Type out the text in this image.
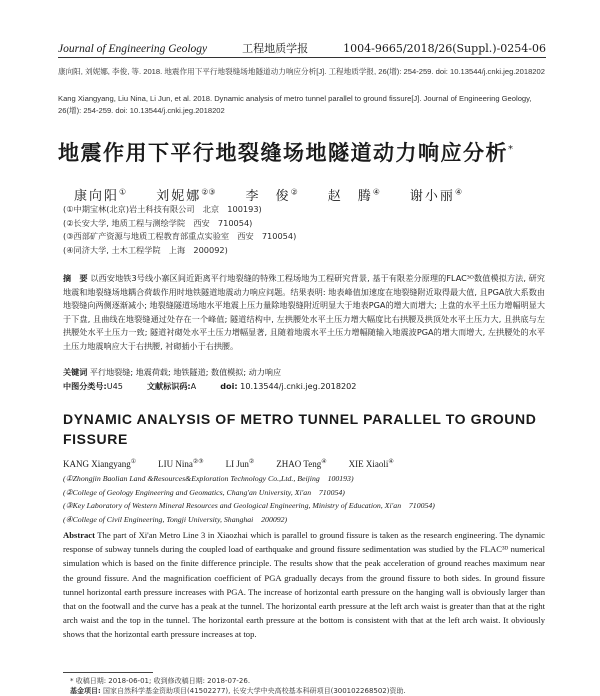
Journal of Engineering Geology	工程地质学报	1004-9665/2018/26(Suppl.)-0254-06
康向阳, 刘妮娜, 李俊, 等. 2018. 地震作用下平行地裂缝场地隧道动力响应分析[J]. 工程地质学报, 26(增): 254-259. doi: 10.13544/j.cnki.jeg.2018202
Kang Xiangyang, Liu Nina, Li Jun, et al. 2018. Dynamic analysis of metro tunnel parallel to ground fissure[J]. Journal of Engineering Geology, 26(增): 254-259. doi: 10.13544/j.cnki.jeg.2018202
地震作用下平行地裂缝场地隧道动力响应分析*
康向阳① 刘妮娜②③ 李　俊② 赵　腾④ 谢小丽④
(①中期宝林(北京)岩土科技有限公司　北京　100193)
(②长安大学, 地质工程与测绘学院　西安　710054)
(③西部矿产资源与地质工程教育部重点实验室　西安　710054)
(④同济大学, 土木工程学院　上海　200092)
摘　要 以西安地铁3号线小寨区间近距离平行地裂缝的特殊工程场地为工程研究背景, 基于有限差分原理的FLAC³ᴰ数值模拟方法, 研究地震和地裂缝场地耦合荷载作用时地铁隧道地震动力响应问题。结果表明: 地表峰值加速度在地裂缝附近取得最大值, 且PGA放大系数由地裂缝向两侧逐渐减小; 地裂缝隧道场地水平地震上压力量除地裂缝附近明显大于地表PGA的增大而增大; 上盘的水平土压力增幅明显大于下盘, 且曲线在地裂缝通过处存在一个峰值; 隧道结构中, 左拱腰处水平土压力增大幅度比右拱腰及拱顶处水平土压力大, 且拱底与左拱腰处水平土压力一致; 隧道衬砌处水平土压力增幅显著, 且随着地震水平土压力增幅随输入地震波PGA的增大而增大, 左拱腰处的水平土压力地震响应大于右拱腰, 衬砌插小于右拱腰。
关键词 平行地裂缝; 地震荷载; 地铁隧道; 数值模拟; 动力响应
中图分类号:U45	文献标识码:A	doi: 10.13544/j.cnki.jeg.2018202
DYNAMIC ANALYSIS OF METRO TUNNEL PARALLEL TO GROUND FISSURE
KANG Xiangyang① LIU Nina②③ LI Jun② ZHAO Teng④ XIE Xiaoli④
(①Zhongjin Baolian Land &Resources&Exploration Technology Co.,Ltd., Beijing　100193)
(②College of Geology Engineering and Geomatics, Chang'an University, Xi'an　710054)
(③Key Laboratory of Western Mineral Resources and Geological Engineering, Ministry of Education, Xi'an　710054)
(④College of Civil Engineering, Tongji University, Shanghai　200092)
Abstract The part of Xi'an Metro Line 3 in Xiaozhai which is parallel to ground fissure is taken as the research engineering. The dynamic response of subway tunnels during the coupled load of earthquake and ground fissure sedimentation was studied by the FLAC³ᴰ numerical simulation which is based on the finite difference principle. The results show that the peak acceleration of ground reaches maximum near the ground fissure. And the magnification coefficient of PGA gradually decays from the ground fissure to both sides. In ground fissure tunnel horizontal earth pressure increases with PGA. The increase of horizontal earth pressure on the hanging wall is obviously larger than that on the footwall and the curve has a peak at the tunnel. The horizontal earth pressure at the left arch waist is greater than that at the right arch waist and the top in the tunnel. The horizontal earth pressure at the bottom is consistent with that at the left arch waist. It obviously shows that the horizontal earth pressure increases at top.
* 收稿日期: 2018-06-01; 收到修改稿日期: 2018-07-26.
基金项目: 国家自然科学基金资助项目(41502277), 长安大学中央高校基本科研项目(300102268502)资助.
